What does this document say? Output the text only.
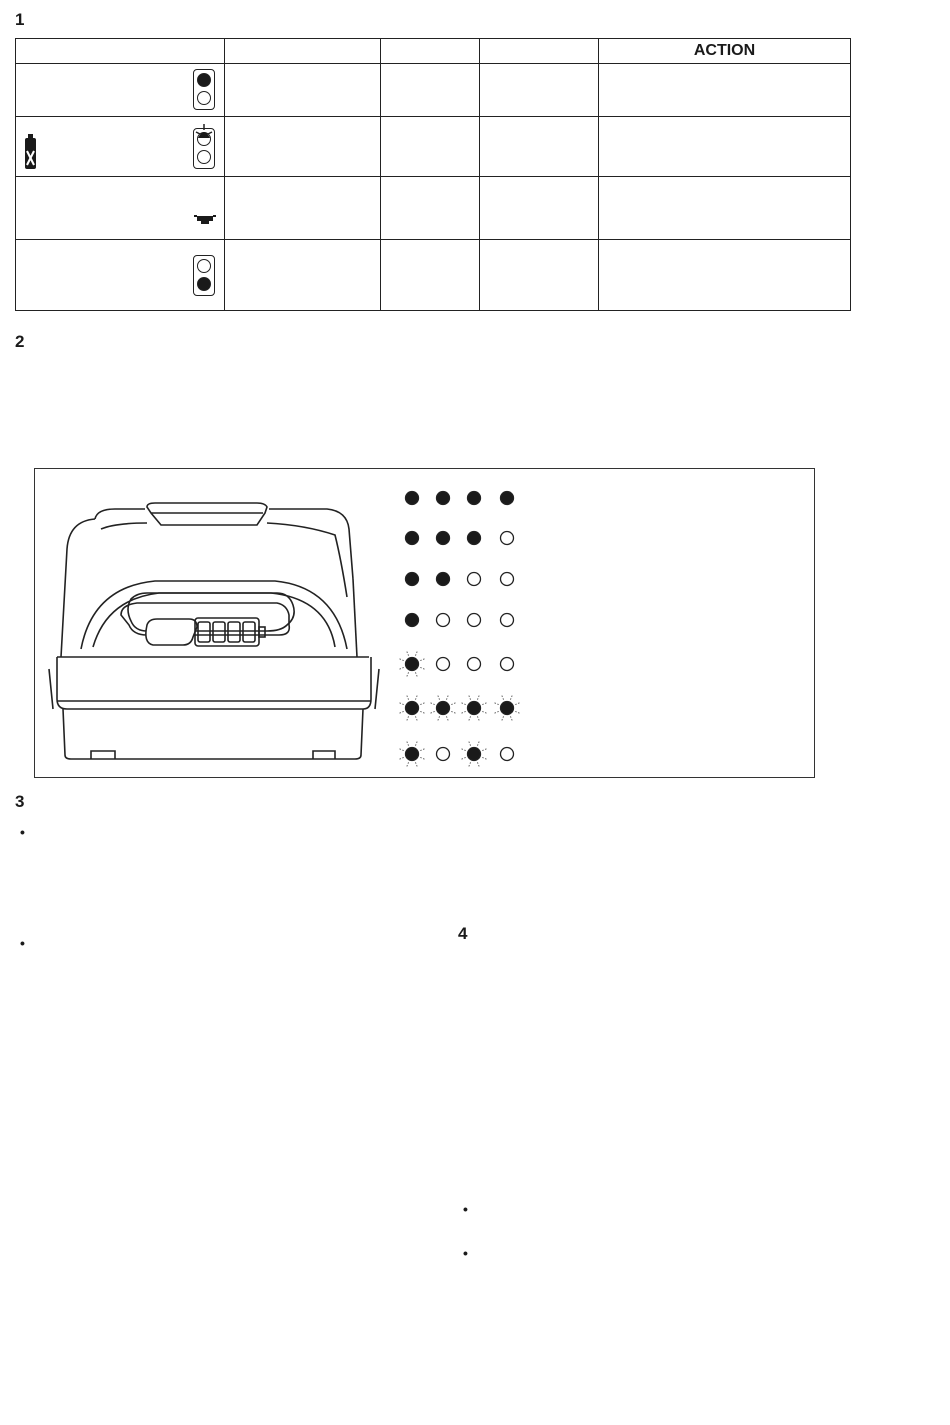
1
2
3
4
				ACTION

•
•
•
•
